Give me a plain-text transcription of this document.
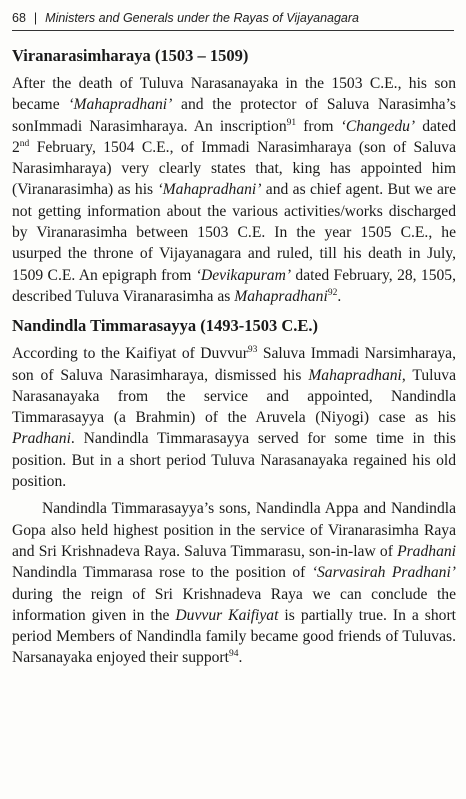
68 | Ministers and Generals under the Rayas of Vijayanagara
Viranarasimharaya (1503 – 1509)

After the death of Tuluva Narasanayaka in the 1503 C.E., his son became ‘Mahapradhani’ and the protector of Saluva Narasimha’s sonImmadi Narasimharaya. An inscription$^{91}$ from ‘Changedu’ dated 2nd February, 1504 C.E., of Immadi Narasimharaya (son of Saluva Narasimharaya) very clearly states that, king has appointed him (Viranarasimha) as his ‘Mahapradhani’ and as chief agent. But we are not getting information about the various activities/works discharged by Viranarasimha between 1503 C.E. In the year 1505 C.E., he usurped the throne of Vijayanagara and ruled, till his death in July, 1509 C.E. An epigraph from ‘Devikapuram’ dated February, 28, 1505, described Tuluva Viranarasimha as Mahapradhani$^{92}$.

Nandindla Timmarasayya (1493-1503 C.E.)

According to the Kaifiyat of Duvvur$^{93}$ Saluva Immadi Narsimharaya, son of Saluva Narasimharaya, dismissed his Mahapradhani, Tuluva Narasanayaka from the service and appointed, Nandindla Timmarasayya (a Brahmin) of the Aruvela (Niyogi) case as his Pradhani. Nandindla Timmarasayya served for some time in this position. But in a short period Tuluva Narasanayaka regained his old position.

Nandindla Timmarasayya’s sons, Nandindla Appa and Nandindla Gopa also held highest position in the service of Viranarasimha Raya and Sri Krishnadeva Raya. Saluva Timmarasu, son-in-law of Pradhani Nandindla Timmarasa rose to the position of ‘Sarvasirah Pradhani’ during the reign of Sri Krishnadeva Raya we can conclude the information given in the Duvvur Kaifiyat is partially true. In a short period Members of Nandindla family became good friends of Tuluvas. Narsanayaka enjoyed their support$^{94}$.
